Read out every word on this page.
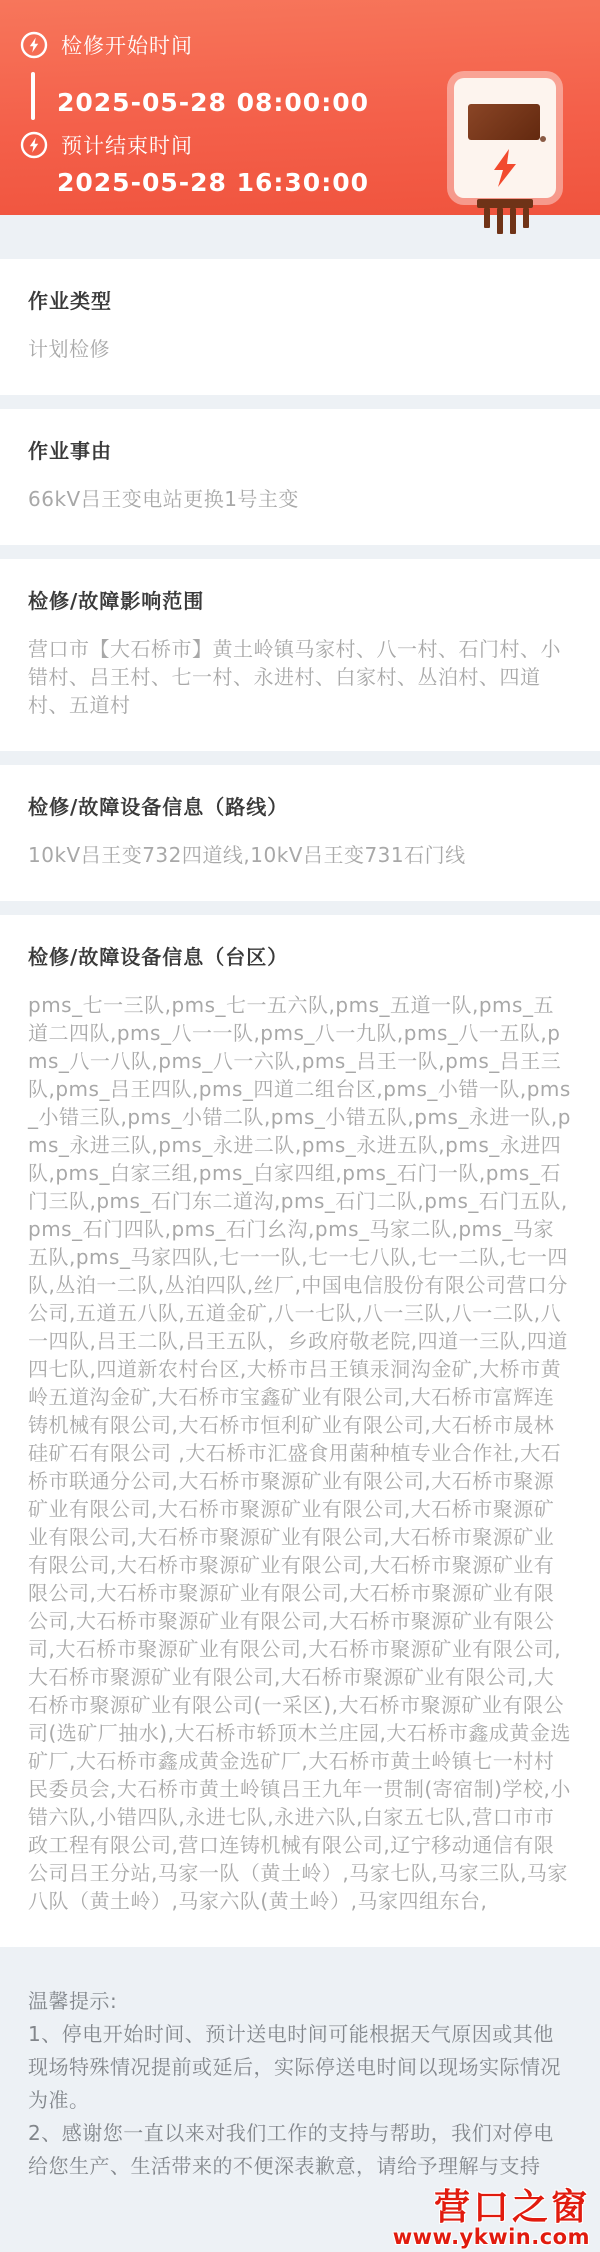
检修开始时间
2025-05-28 08:00:00
预计结束时间
2025-05-28 16:30:00
作业类型

计划检修

作业事由

66kV吕王变电站更换1号主变

检修/故障影响范围

营口市【大石桥市】黄土岭镇马家村、八一村、石门村、小错村、吕王村、七一村、永进村、白家村、丛泊村、四道村、五道村

检修/故障设备信息（路线）

10kV吕王变732四道线,10kV吕王变731石门线

检修/故障设备信息（台区）

pms_七一三队,pms_七一五六队,pms_五道一队,pms_五道二四队,pms_八一一队,pms_八一九队,pms_八一五队,pms_八一八队,pms_八一六队,pms_吕王一队,pms_吕王三队,pms_吕王四队,pms_四道二组台区,pms_小错一队,pms_小错三队,pms_小错二队,pms_小错五队,pms_永进一队,pms_永进三队,pms_永进二队,pms_永进五队,pms_永进四队,pms_白家三组,pms_白家四组,pms_石门一队,pms_石门三队,pms_石门东二道沟,pms_石门二队,pms_石门五队,pms_石门四队,pms_石门幺沟,pms_马家二队,pms_马家五队,pms_马家四队,七一一队,七一七八队,七一二队,七一四队,丛泊一二队,丛泊四队,丝厂,中国电信股份有限公司营口分公司,五道五八队,五道金矿,八一七队,八一三队,八一二队,八一四队,吕王二队,吕王五队，乡政府敬老院,四道一三队,四道四七队,四道新农村台区,大桥市吕王镇汞洞沟金矿,大桥市黄岭五道沟金矿,大石桥市宝鑫矿业有限公司,大石桥市富辉连铸机械有限公司,大石桥市恒利矿业有限公司,大石桥市晟林硅矿石有限公司 ,大石桥市汇盛食用菌种植专业合作社,大石桥市联通分公司,大石桥市聚源矿业有限公司,大石桥市聚源矿业有限公司,大石桥市聚源矿业有限公司,大石桥市聚源矿业有限公司,大石桥市聚源矿业有限公司,大石桥市聚源矿业有限公司,大石桥市聚源矿业有限公司,大石桥市聚源矿业有限公司,大石桥市聚源矿业有限公司,大石桥市聚源矿业有限公司,大石桥市聚源矿业有限公司,大石桥市聚源矿业有限公司,大石桥市聚源矿业有限公司,大石桥市聚源矿业有限公司,大石桥市聚源矿业有限公司,大石桥市聚源矿业有限公司,大石桥市聚源矿业有限公司(一采区),大石桥市聚源矿业有限公司(选矿厂抽水),大石桥市轿顶木兰庄园,大石桥市鑫成黄金选矿厂,大石桥市鑫成黄金选矿厂,大石桥市黄土岭镇七一村村民委员会,大石桥市黄土岭镇吕王九年一贯制(寄宿制)学校,小错六队,小错四队,永进七队,永进六队,白家五七队,营口市市政工程有限公司,营口连铸机械有限公司,辽宁移动通信有限公司吕王分站,马家一队（黄土岭）,马家七队,马家三队,马家八队（黄土岭）,马家六队(黄土岭）,马家四组东台,

温馨提示:

1、停电开始时间、预计送电时间可能根据天气原因或其他现场特殊情况提前或延后，实际停送电时间以现场实际情况为准。

2、感谢您一直以来对我们工作的支持与帮助，我们对停电给您生产、生活带来的不便深表歉意，请给予理解与支持

营口之窗
www.ykwin.com
